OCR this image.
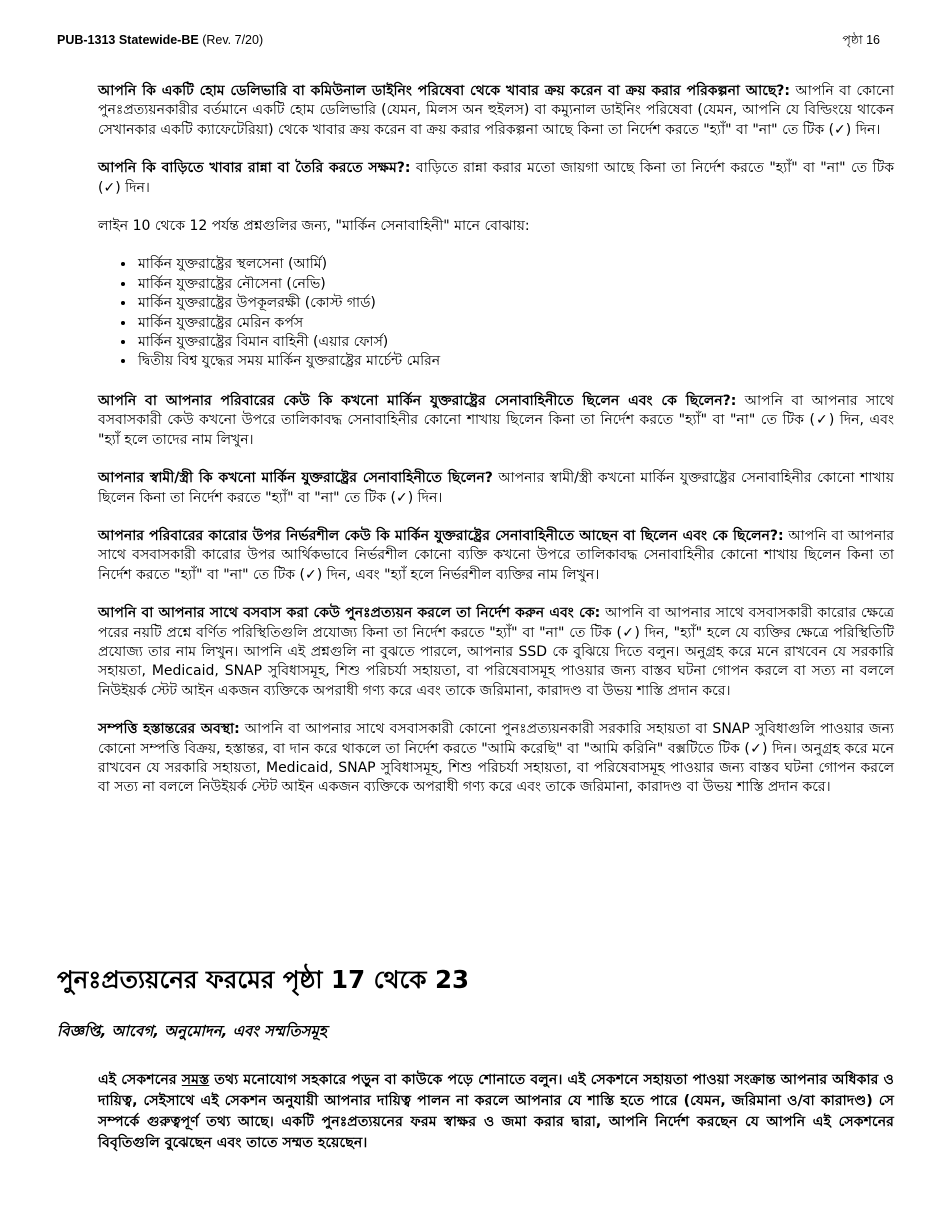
PUB-1313 Statewide-BE (Rev. 7/20)	পৃষ্ঠা 16

আপনি কি একটি হোম ডেলিভারি বা কমিউনাল ডাইনিং পরিষেবা থেকে খাবার ক্রয় করেন বা ক্রয় করার পরিকল্পনা আছে?: আপনি বা কোনো পুনঃপ্রত্যয়নকারীর বর্তমানে একটি হোম ডেলিভারি (যেমন, মিলস অন হুইলস) বা কম্যুনাল ডাইনিং পরিষেবা (যেমন, আপনি যে বিল্ডিংয়ে থাকেন সেখানকার একটি ক্যাফেটেরিয়া) থেকে খাবার ক্রয় করেন বা ক্রয় করার পরিকল্পনা আছে কিনা তা নির্দেশ করতে "হ্যাঁ" বা "না" তে টিক (✓) দিন।

আপনি কি বাড়িতে খাবার রান্না বা তৈরি করতে সক্ষম?: বাড়িতে রান্না করার মতো জায়গা আছে কিনা তা নির্দেশ করতে "হ্যাঁ" বা "না" তে টিক (✓) দিন।

লাইন 10 থেকে 12 পর্যন্ত প্রশ্নগুলির জন্য, "মার্কিন সেনাবাহিনী" মানে বোঝায়:

• মার্কিন যুক্তরাষ্ট্রের স্থলসেনা (আর্মি)
• মার্কিন যুক্তরাষ্ট্রের নৌসেনা (নেভি)
• মার্কিন যুক্তরাষ্ট্রের উপকূলরক্ষী (কোস্ট গার্ড)
• মার্কিন যুক্তরাষ্ট্রের মেরিন কর্পস
• মার্কিন যুক্তরাষ্ট্রের বিমান বাহিনী (এয়ার ফোর্স)
• দ্বিতীয় বিশ্ব যুদ্ধের সময় মার্কিন যুক্তরাষ্ট্রের মার্চেন্ট মেরিন

আপনি বা আপনার পরিবারের কেউ কি কখনো মার্কিন যুক্তরাষ্ট্রের সেনাবাহিনীতে ছিলেন এবং কে ছিলেন?: আপনি বা আপনার সাথে বসবাসকারী কেউ কখনো উপরে তালিকাবদ্ধ সেনাবাহিনীর কোনো শাখায় ছিলেন কিনা তা নির্দেশ করতে "হ্যাঁ" বা "না" তে টিক (✓) দিন, এবং "হ্যাঁ হলে তাদের নাম লিখুন।

আপনার স্বামী/স্ত্রী কি কখনো মার্কিন যুক্তরাষ্ট্রের সেনাবাহিনীতে ছিলেন? আপনার স্বামী/স্ত্রী কখনো মার্কিন যুক্তরাষ্ট্রের সেনাবাহিনীর কোনো শাখায় ছিলেন কিনা তা নির্দেশ করতে "হ্যাঁ" বা "না" তে টিক (✓) দিন।

আপনার পরিবারের কারোর উপর নির্ভরশীল কেউ কি মার্কিন যুক্তরাষ্ট্রের সেনাবাহিনীতে আছেন বা ছিলেন এবং কে ছিলেন?: আপনি বা আপনার সাথে বসবাসকারী কারোর উপর আর্থিকভাবে নির্ভরশীল কোনো ব্যক্তি কখনো উপরে তালিকাবদ্ধ সেনাবাহিনীর কোনো শাখায় ছিলেন কিনা তা নির্দেশ করতে "হ্যাঁ" বা "না" তে টিক (✓) দিন, এবং "হ্যাঁ হলে নির্ভরশীল ব্যক্তির নাম লিখুন।

আপনি বা আপনার সাথে বসবাস করা কেউ পুনঃপ্রত্যয়ন করলে তা নির্দেশ করুন এবং কে: আপনি বা আপনার সাথে বসবাসকারী কারোর ক্ষেত্রে পরের নয়টি প্রশ্নে বর্ণিত পরিস্থিতিগুলি প্রযোজ্য কিনা তা নির্দেশ করতে "হ্যাঁ" বা "না" তে টিক (✓) দিন, "হ্যাঁ" হলে যে ব্যক্তির ক্ষেত্রে পরিস্থিতিটি প্রযোজ্য তার নাম লিখুন। আপনি এই প্রশ্নগুলি না বুঝতে পারলে, আপনার SSD কে বুঝিয়ে দিতে বলুন। অনুগ্রহ করে মনে রাখবেন যে সরকারি সহায়তা, Medicaid, SNAP সুবিধাসমূহ, শিশু পরিচর্যা সহায়তা, বা পরিষেবাসমূহ পাওয়ার জন্য বাস্তব ঘটনা গোপন করলে বা সত্য না বললে নিউইয়র্ক স্টেট আইন একজন ব্যক্তিকে অপরাধী গণ্য করে এবং তাকে জরিমানা, কারাদণ্ড বা উভয় শাস্তি প্রদান করে।

সম্পত্তি হস্তান্তরের অবস্থা: আপনি বা আপনার সাথে বসবাসকারী কোনো পুনঃপ্রত্যয়নকারী সরকারি সহায়তা বা SNAP সুবিধাগুলি পাওয়ার জন্য কোনো সম্পত্তি বিক্রয়, হস্তান্তর, বা দান করে থাকলে তা নির্দেশ করতে "আমি করেছি" বা "আমি করিনি" বক্সটিতে টিক (✓) দিন। অনুগ্রহ করে মনে রাখবেন যে সরকারি সহায়তা, Medicaid, SNAP সুবিধাসমূহ, শিশু পরিচর্যা সহায়তা, বা পরিষেবাসমূহ পাওয়ার জন্য বাস্তব ঘটনা গোপন করলে বা সত্য না বললে নিউইয়র্ক স্টেট আইন একজন ব্যক্তিকে অপরাধী গণ্য করে এবং তাকে জরিমানা, কারাদণ্ড বা উভয় শাস্তি প্রদান করে।

পুনঃপ্রত্যয়নের ফরমের পৃষ্ঠা 17 থেকে 23
বিজ্ঞপ্তি, আবেগ, অনুমোদন, এবং সম্মতিসমূহ

এই সেকশনের সমস্ত তথ্য মনোযোগ সহকারে পড়ুন বা কাউকে পড়ে শোনাতে বলুন। এই সেকশনে সহায়তা পাওয়া সংক্রান্ত আপনার অধিকার ও দায়িত্ব, সেইসাথে এই সেকশন অনুযায়ী আপনার দায়িত্ব পালন না করলে আপনার যে শাস্তি হতে পারে (যেমন, জরিমানা ও/বা কারাদণ্ড) সে সম্পর্কে গুরুত্বপূর্ণ তথ্য আছে। একটি পুনঃপ্রত্যয়নের ফরম স্বাক্ষর ও জমা করার দ্বারা, আপনি নির্দেশ করছেন যে আপনি এই সেকশনের বিবৃতিগুলি বুঝেছেন এবং তাতে সম্মত হয়েছেন।
